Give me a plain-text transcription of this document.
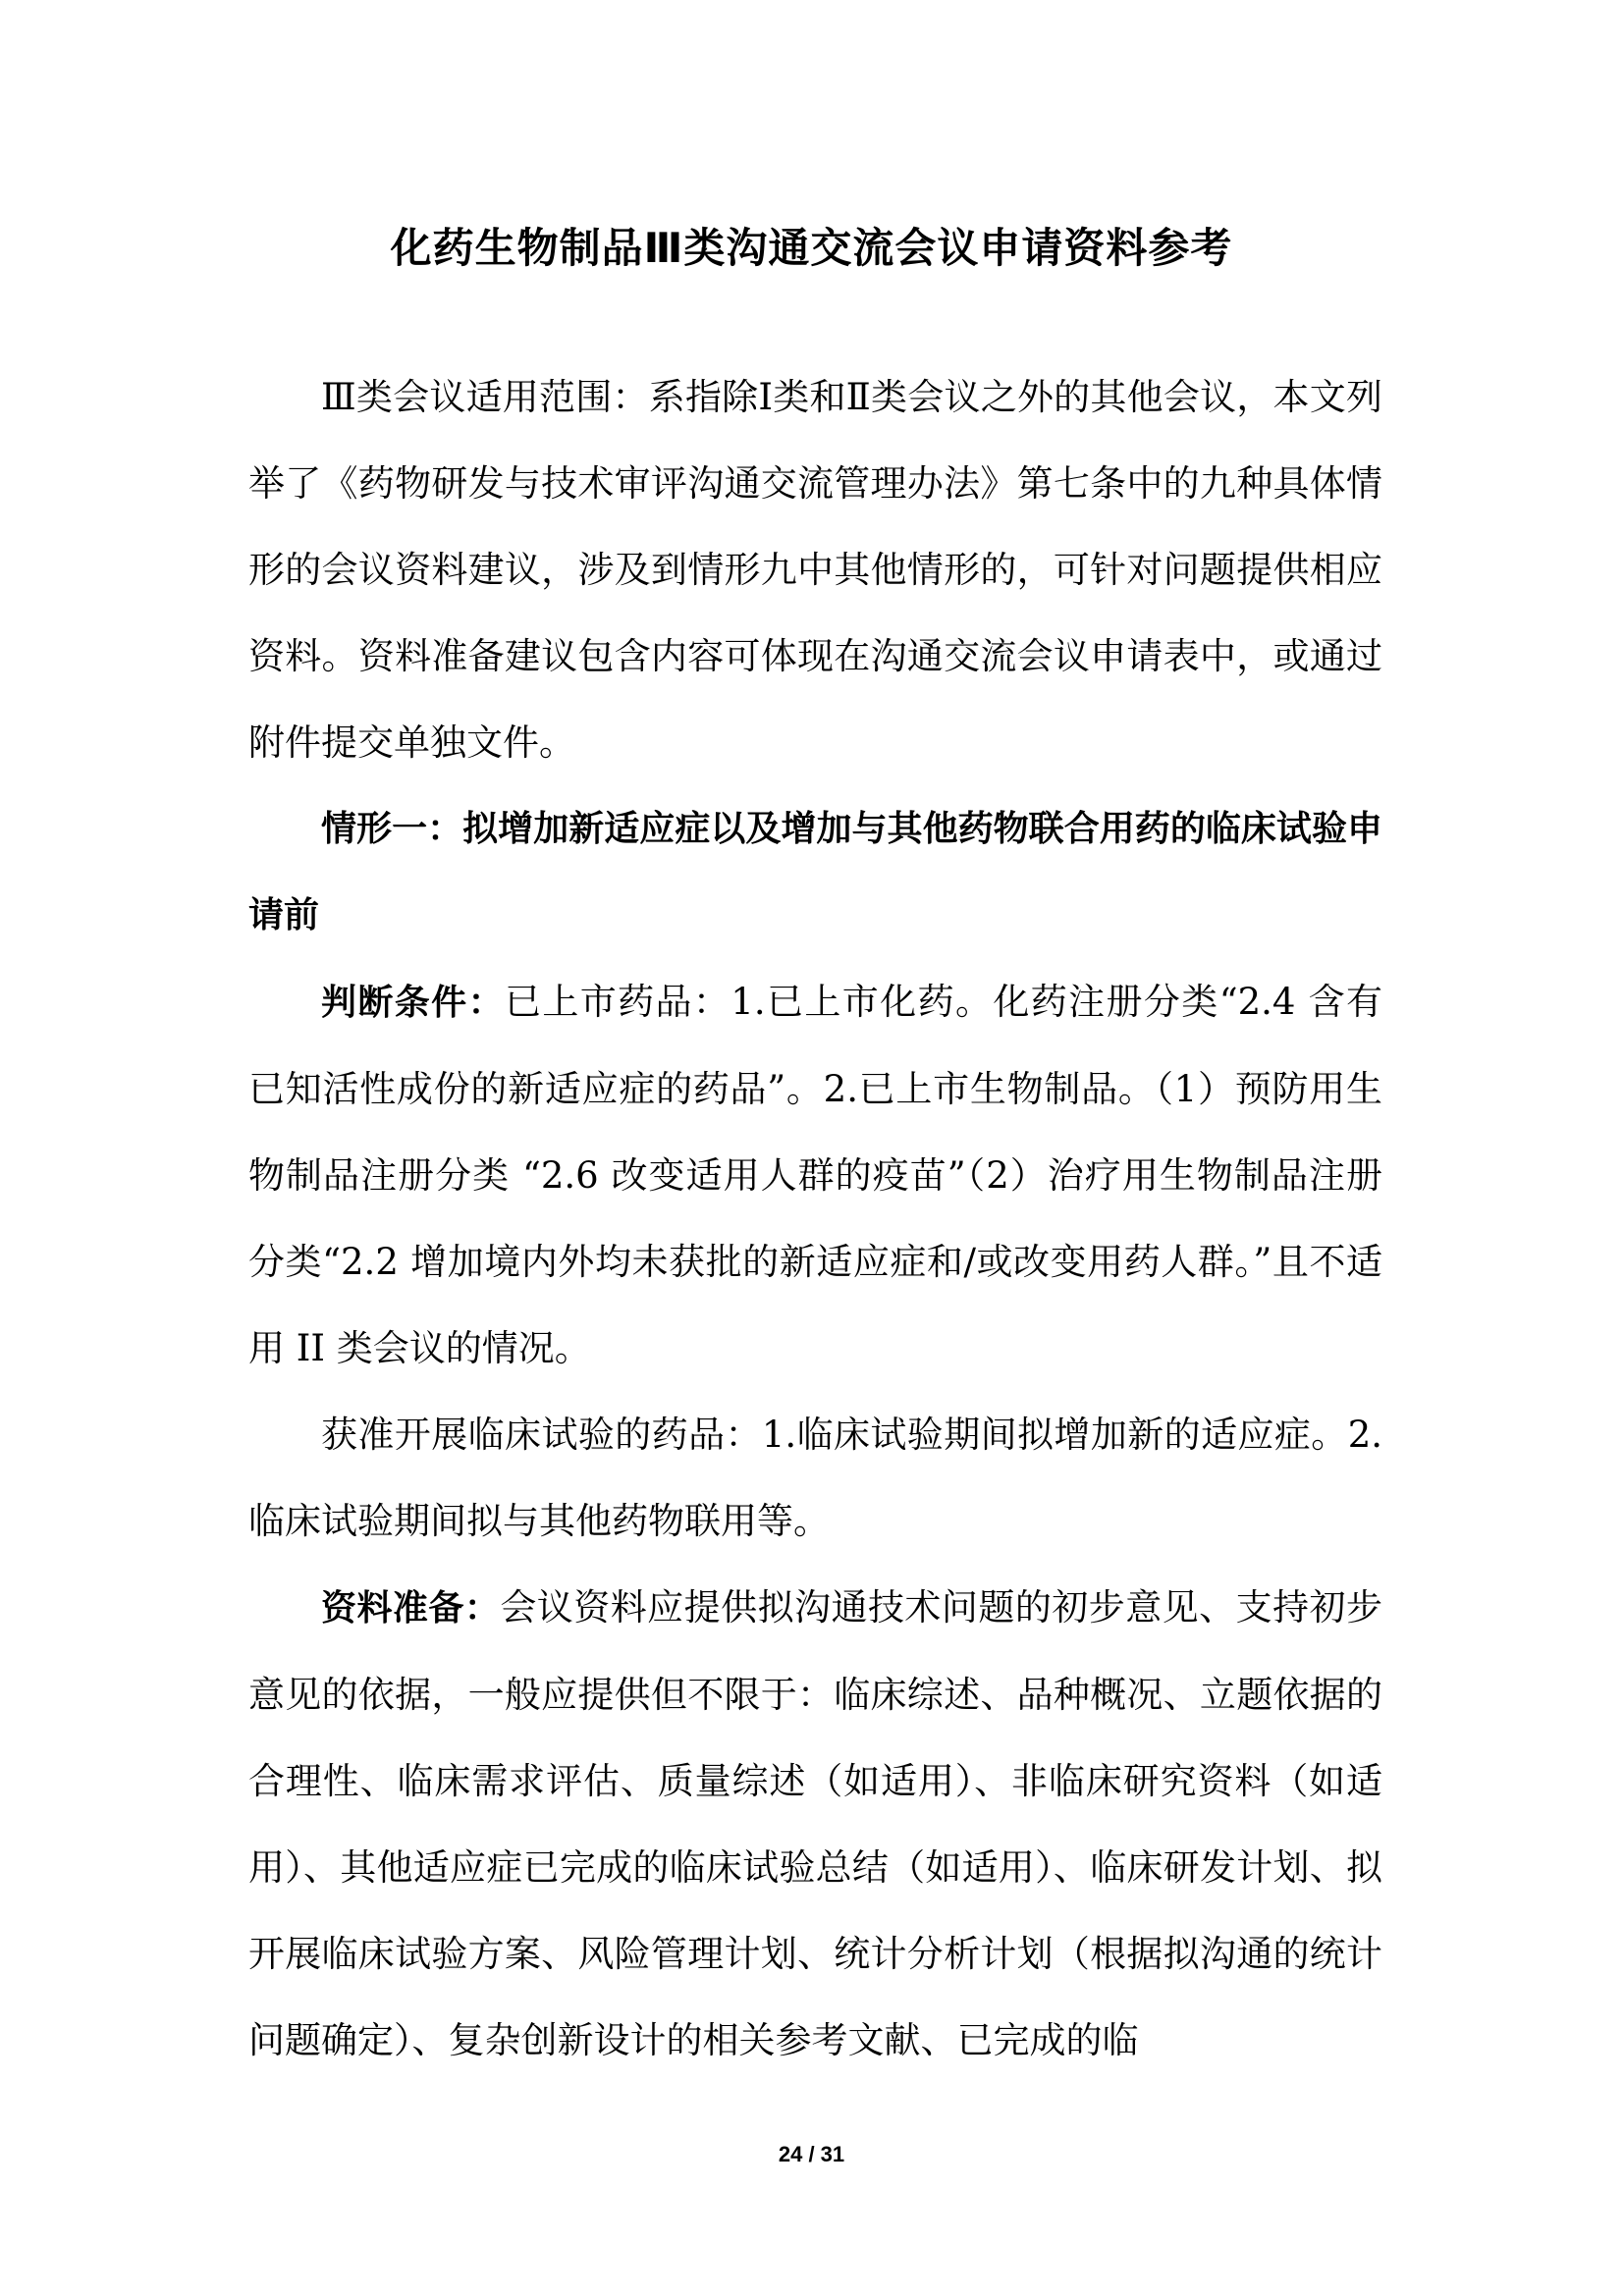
化药生物制品Ⅲ类沟通交流会议申请资料参考

Ⅲ类会议适用范围：系指除Ⅰ类和Ⅱ类会议之外的其他会议，本文列举了《药物研发与技术审评沟通交流管理办法》第七条中的九种具体情形的会议资料建议，涉及到情形九中其他情形的，可针对问题提供相应资料。资料准备建议包含内容可体现在沟通交流会议申请表中，或通过附件提交单独文件。

情形一：拟增加新适应症以及增加与其他药物联合用药的临床试验申请前

判断条件：已上市药品：1.已上市化药。化药注册分类“2.4 含有已知活性成份的新适应症的药品”。2.已上市生物制品。（1）预防用生物制品注册分类 “2.6 改变适用人群的疫苗”（2）治疗用生物制品注册分类“2.2 增加境内外均未获批的新适应症和/或改变用药人群。”且不适用 II 类会议的情况。

获准开展临床试验的药品：1.临床试验期间拟增加新的适应症。2.临床试验期间拟与其他药物联用等。

资料准备：会议资料应提供拟沟通技术问题的初步意见、支持初步意见的依据，一般应提供但不限于：临床综述、品种概况、立题依据的合理性、临床需求评估、质量综述（如适用）、非临床研究资料（如适用）、其他适应症已完成的临床试验总结（如适用）、临床研发计划、拟开展临床试验方案、风险管理计划、统计分析计划（根据拟沟通的统计问题确定）、复杂创新设计的相关参考文献、已完成的临

24 / 31
